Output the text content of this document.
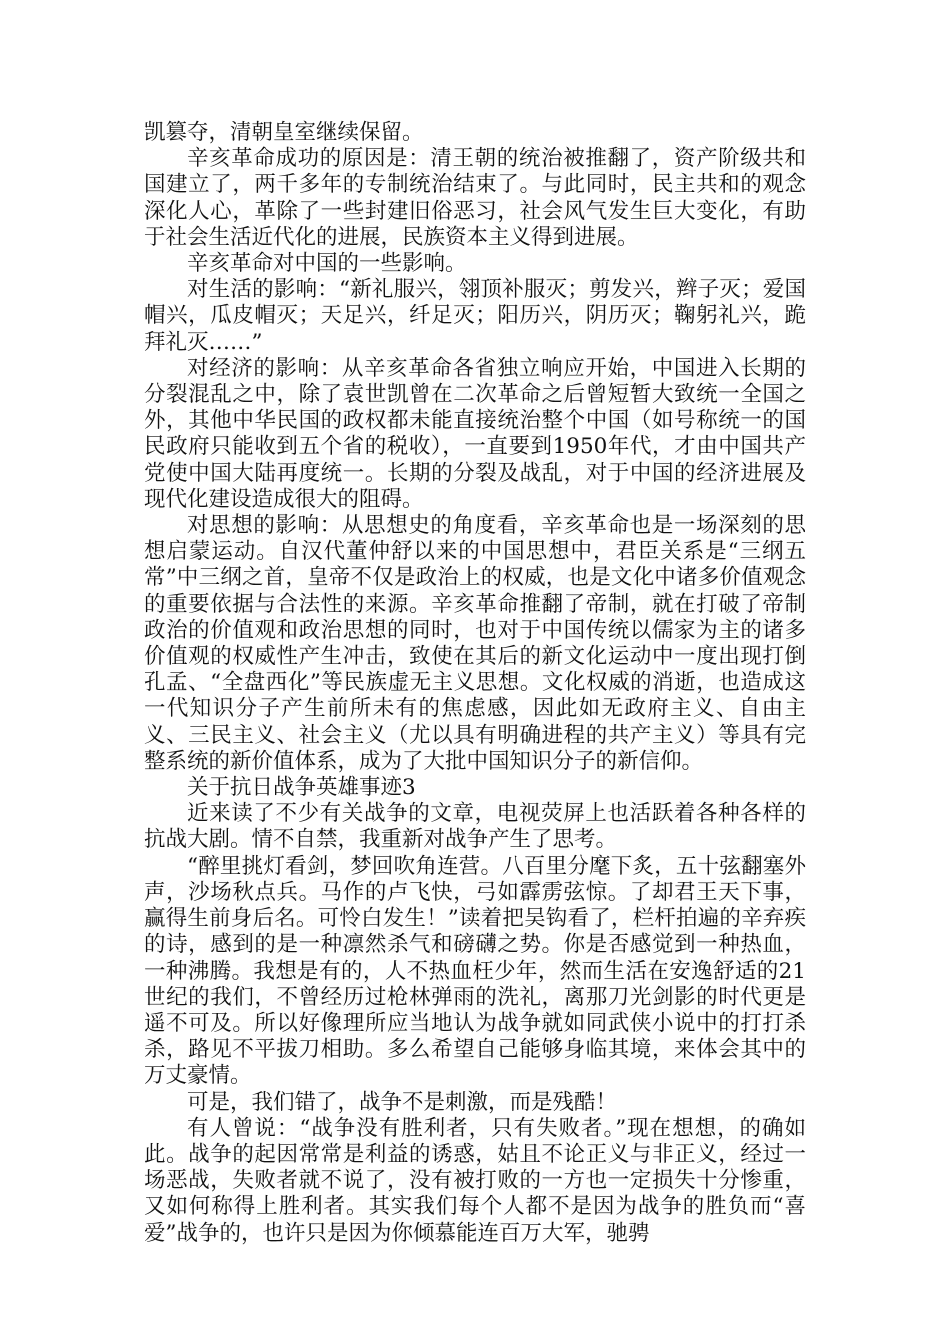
凯篡夺，清朝皇室继续保留。

辛亥革命成功的原因是：清王朝的统治被推翻了，资产阶级共和国建立了，两千多年的专制统治结束了。与此同时，民主共和的观念深化人心，革除了一些封建旧俗恶习，社会风气发生巨大变化，有助于社会生活近代化的进展，民族资本主义得到进展。

辛亥革命对中国的一些影响。

对生活的影响：“新礼服兴，翎顶补服灭；剪发兴，辫子灭；爱国帽兴，瓜皮帽灭；天足兴，纤足灭；阳历兴，阴历灭；鞠躬礼兴，跪拜礼灭……”

对经济的影响：从辛亥革命各省独立响应开始，中国进入长期的分裂混乱之中，除了袁世凯曾在二次革命之后曾短暂大致统一全国之外，其他中华民国的政权都未能直接统治整个中国（如号称统一的国民政府只能收到五个省的税收），一直要到1950年代，才由中国共产党使中国大陆再度统一。长期的分裂及战乱，对于中国的经济进展及现代化建设造成很大的阻碍。

对思想的影响：从思想史的角度看，辛亥革命也是一场深刻的思想启蒙运动。自汉代董仲舒以来的中国思想中，君臣关系是“三纲五常”中三纲之首，皇帝不仅是政治上的权威，也是文化中诸多价值观念的重要依据与合法性的来源。辛亥革命推翻了帝制，就在打破了帝制政治的价值观和政治思想的同时，也对于中国传统以儒家为主的诸多价值观的权威性产生冲击，致使在其后的新文化运动中一度出现打倒孔孟、“全盘西化”等民族虚无主义思想。文化权威的消逝，也造成这一代知识分子产生前所未有的焦虑感，因此如无政府主义、自由主义、三民主义、社会主义（尤以具有明确进程的共产主义）等具有完整系统的新价值体系，成为了大批中国知识分子的新信仰。

关于抗日战争英雄事迹3

近来读了不少有关战争的文章，电视荧屏上也活跃着各种各样的抗战大剧。情不自禁，我重新对战争产生了思考。

“醉里挑灯看剑，梦回吹角连营。八百里分麾下炙，五十弦翻塞外声，沙场秋点兵。马作的卢飞快，弓如霹雳弦惊。了却君王天下事，赢得生前身后名。可怜白发生！”读着把吴钩看了，栏杆拍遍的辛弃疾的诗，感到的是一种凛然杀气和磅礴之势。你是否感觉到一种热血，一种沸腾。我想是有的，人不热血枉少年，然而生活在安逸舒适的21世纪的我们，不曾经历过枪林弹雨的洗礼，离那刀光剑影的时代更是遥不可及。所以好像理所应当地认为战争就如同武侠小说中的打打杀杀，路见不平拔刀相助。多么希望自己能够身临其境，来体会其中的万丈豪情。

可是，我们错了，战争不是刺激，而是残酷！

有人曾说：“战争没有胜利者，只有失败者。”现在想想，的确如此。战争的起因常常是利益的诱惑，姑且不论正义与非正义，经过一场恶战，失败者就不说了，没有被打败的一方也一定损失十分惨重，又如何称得上胜利者。其实我们每个人都不是因为战争的胜负而“喜爱”战争的，也许只是因为你倾慕能连百万大军，驰骋
